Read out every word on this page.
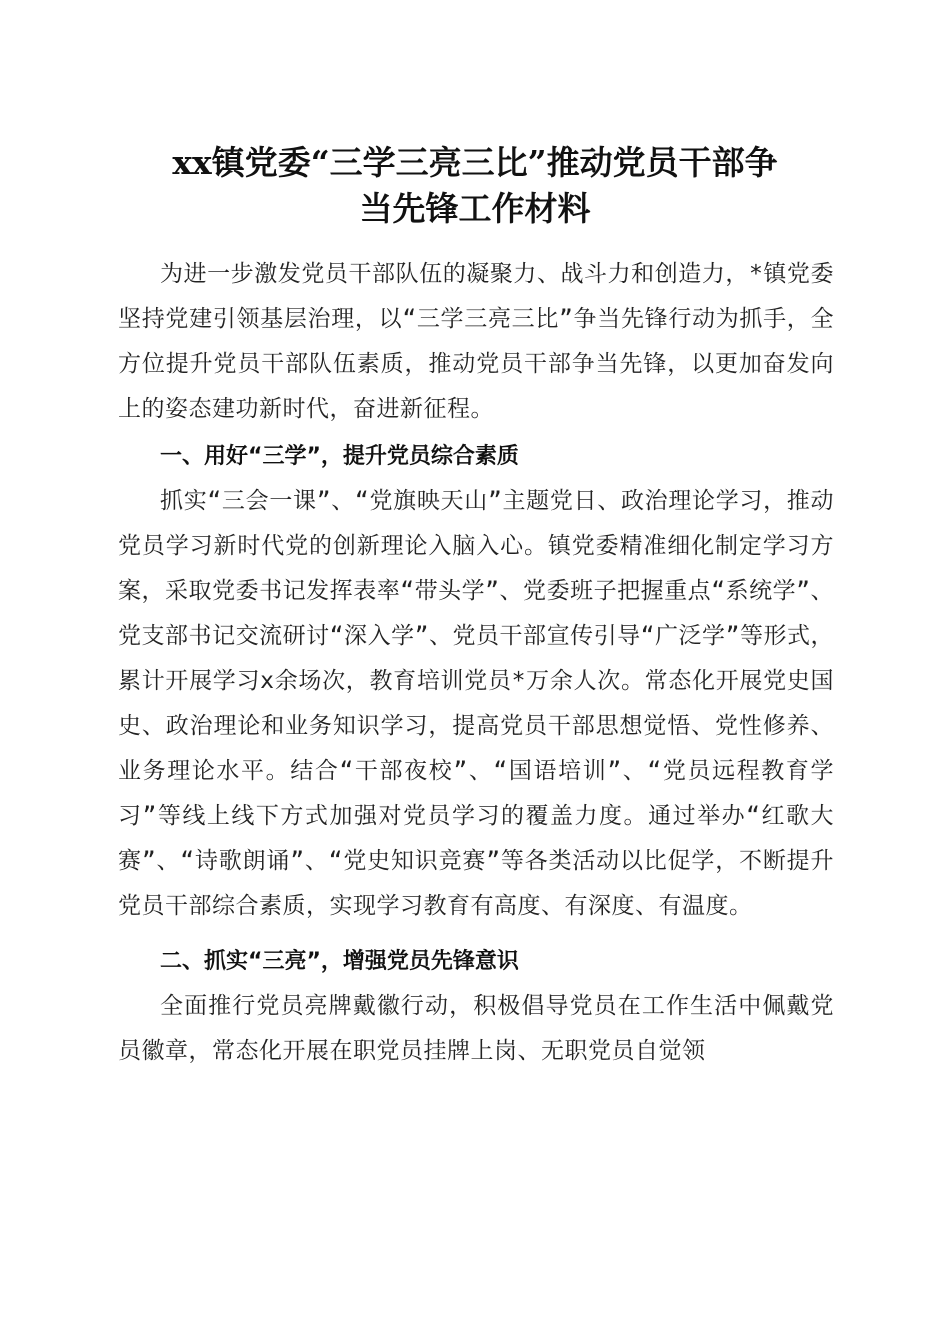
xx镇党委“三学三亮三比”推动党员干部争
当先锋工作材料

为进一步激发党员干部队伍的凝聚力、战斗力和创造力，*镇党委坚持党建引领基层治理，以“三学三亮三比”争当先锋行动为抓手，全方位提升党员干部队伍素质，推动党员干部争当先锋，以更加奋发向上的姿态建功新时代，奋进新征程。

一、用好“三学”，提升党员综合素质

抓实“三会一课”、“党旗映天山”主题党日、政治理论学习，推动党员学习新时代党的创新理论入脑入心。镇党委精准细化制定学习方案，采取党委书记发挥表率“带头学”、党委班子把握重点“系统学”、党支部书记交流研讨“深入学”、党员干部宣传引导“广泛学”等形式，累计开展学习x余场次，教育培训党员*万余人次。常态化开展党史国史、政治理论和业务知识学习，提高党员干部思想觉悟、党性修养、业务理论水平。结合“干部夜校”、“国语培训”、“党员远程教育学习”等线上线下方式加强对党员学习的覆盖力度。通过举办“红歌大赛”、“诗歌朗诵”、“党史知识竞赛”等各类活动以比促学，不断提升党员干部综合素质，实现学习教育有高度、有深度、有温度。

二、抓实“三亮”，增强党员先锋意识

全面推行党员亮牌戴徽行动，积极倡导党员在工作生活中佩戴党员徽章，常态化开展在职党员挂牌上岗、无职党员自觉领
